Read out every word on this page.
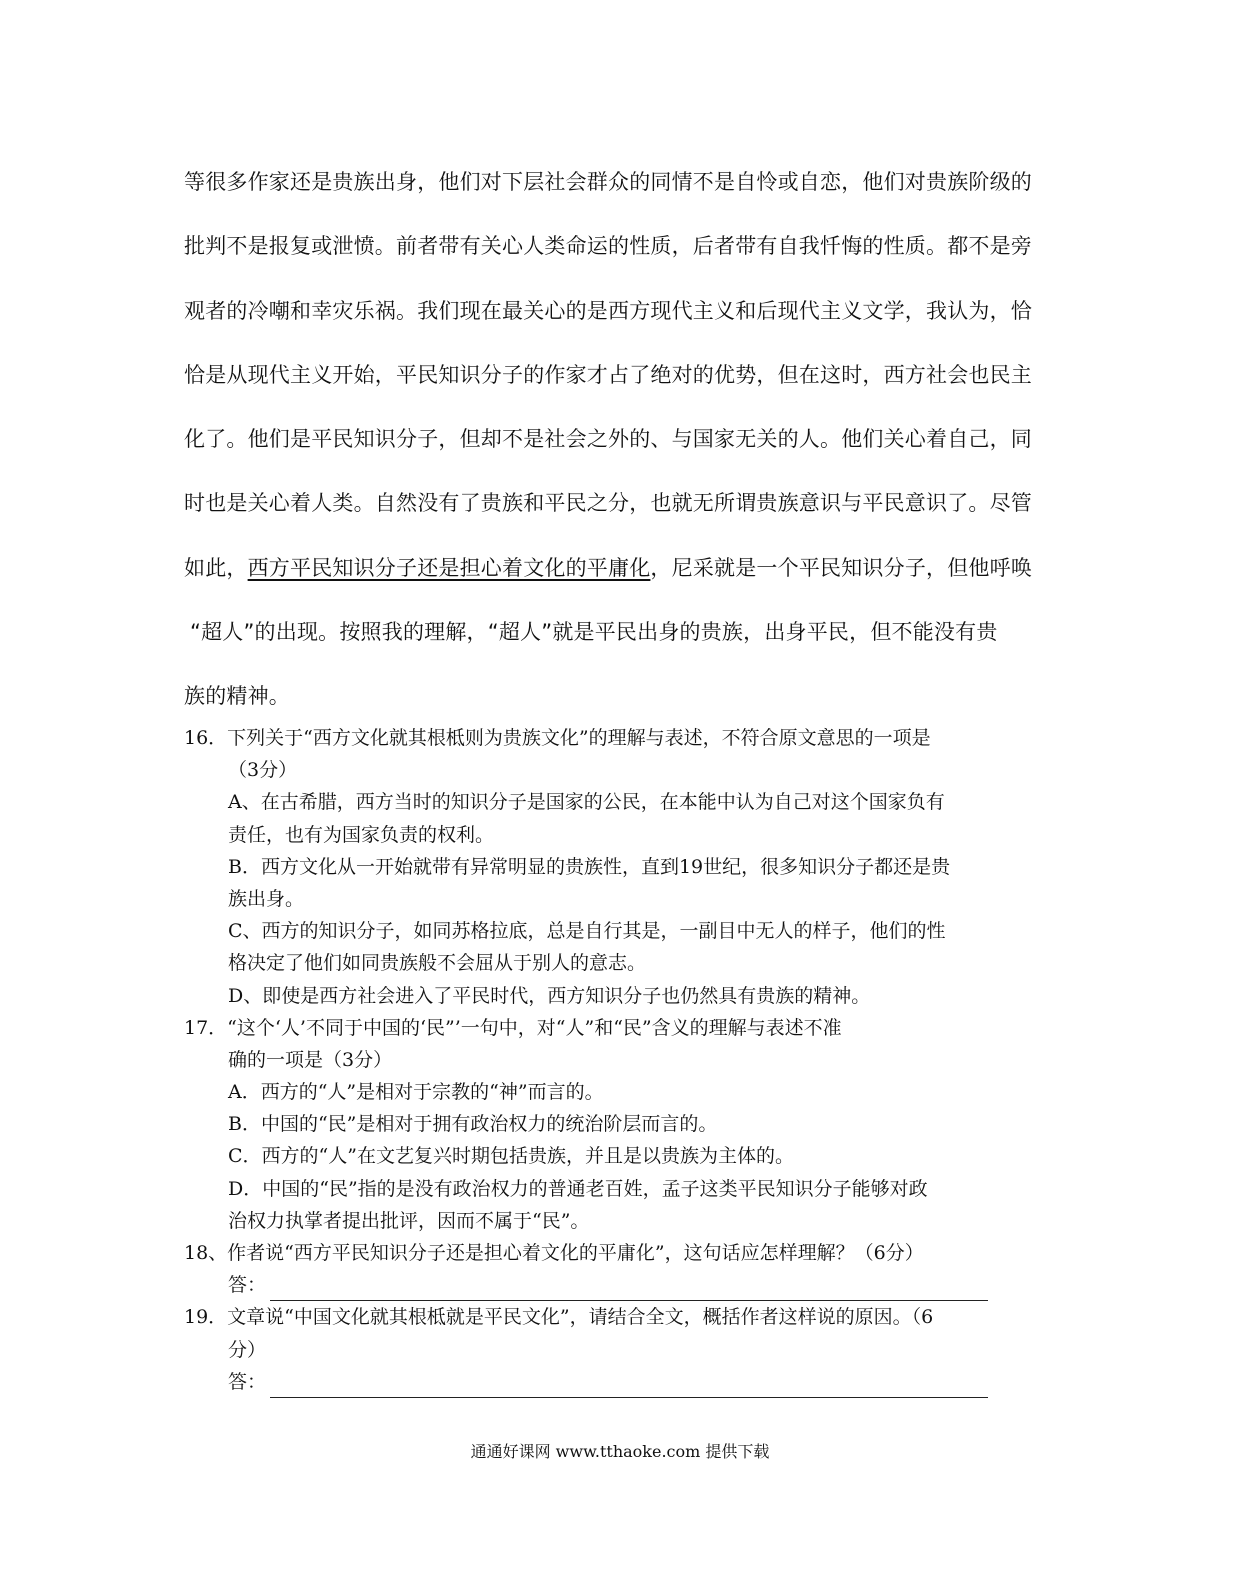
等很多作家还是贵族出身，他们对下层社会群众的同情不是自怜或自恋，他们对贵族阶级的
批判不是报复或泄愤。前者带有关心人类命运的性质，后者带有自我忏悔的性质。都不是旁
观者的冷嘲和幸灾乐祸。我们现在最关心的是西方现代主义和后现代主义文学，我认为，恰
恰是从现代主义开始，平民知识分子的作家才占了绝对的优势，但在这时，西方社会也民主
化了。他们是平民知识分子，但却不是社会之外的、与国家无关的人。他们关心着自己，同
时也是关心着人类。自然没有了贵族和平民之分，也就无所谓贵族意识与平民意识了。尽管
如此，西方平民知识分子还是担心着文化的平庸化，尼采就是一个平民知识分子，但他呼唤
“超人”的出现。按照我的理解，“超人”就是平民出身的贵族，出身平民，但不能没有贵
族的精神。
16．下列关于“西方文化就其根柢则为贵族文化”的理解与表述，不符合原文意思的一项是
（3分）
A、在古希腊，西方当时的知识分子是国家的公民，在本能中认为自己对这个国家负有
责任，也有为国家负责的权利。
B．西方文化从一开始就带有异常明显的贵族性，直到19世纪，很多知识分子都还是贵
族出身。
C、西方的知识分子，如同苏格拉底，总是自行其是，一副目中无人的样子，他们的性
格决定了他们如同贵族般不会屈从于别人的意志。
D、即使是西方社会进入了平民时代，西方知识分子也仍然具有贵族的精神。
17．“这个‘人’不同于中国的‘民”’一句中，对“人”和“民”含义的理解与表述不准
确的一项是（3分）
A．西方的“人”是相对于宗教的“神”而言的。
B．中国的“民”是相对于拥有政治权力的统治阶层而言的。
C．西方的“人”在文艺复兴时期包括贵族，并且是以贵族为主体的。
D．中国的“民”指的是没有政治权力的普通老百姓，孟子这类平民知识分子能够对政
治权力执掌者提出批评，因而不属于“民”。
18、作者说“西方平民知识分子还是担心着文化的平庸化”，这句话应怎样理解？（6分）
答：
19．文章说“中国文化就其根柢就是平民文化”，请结合全文，概括作者这样说的原因。（6
分）
答：
通通好课网 www.tthaoke.com 提供下载
